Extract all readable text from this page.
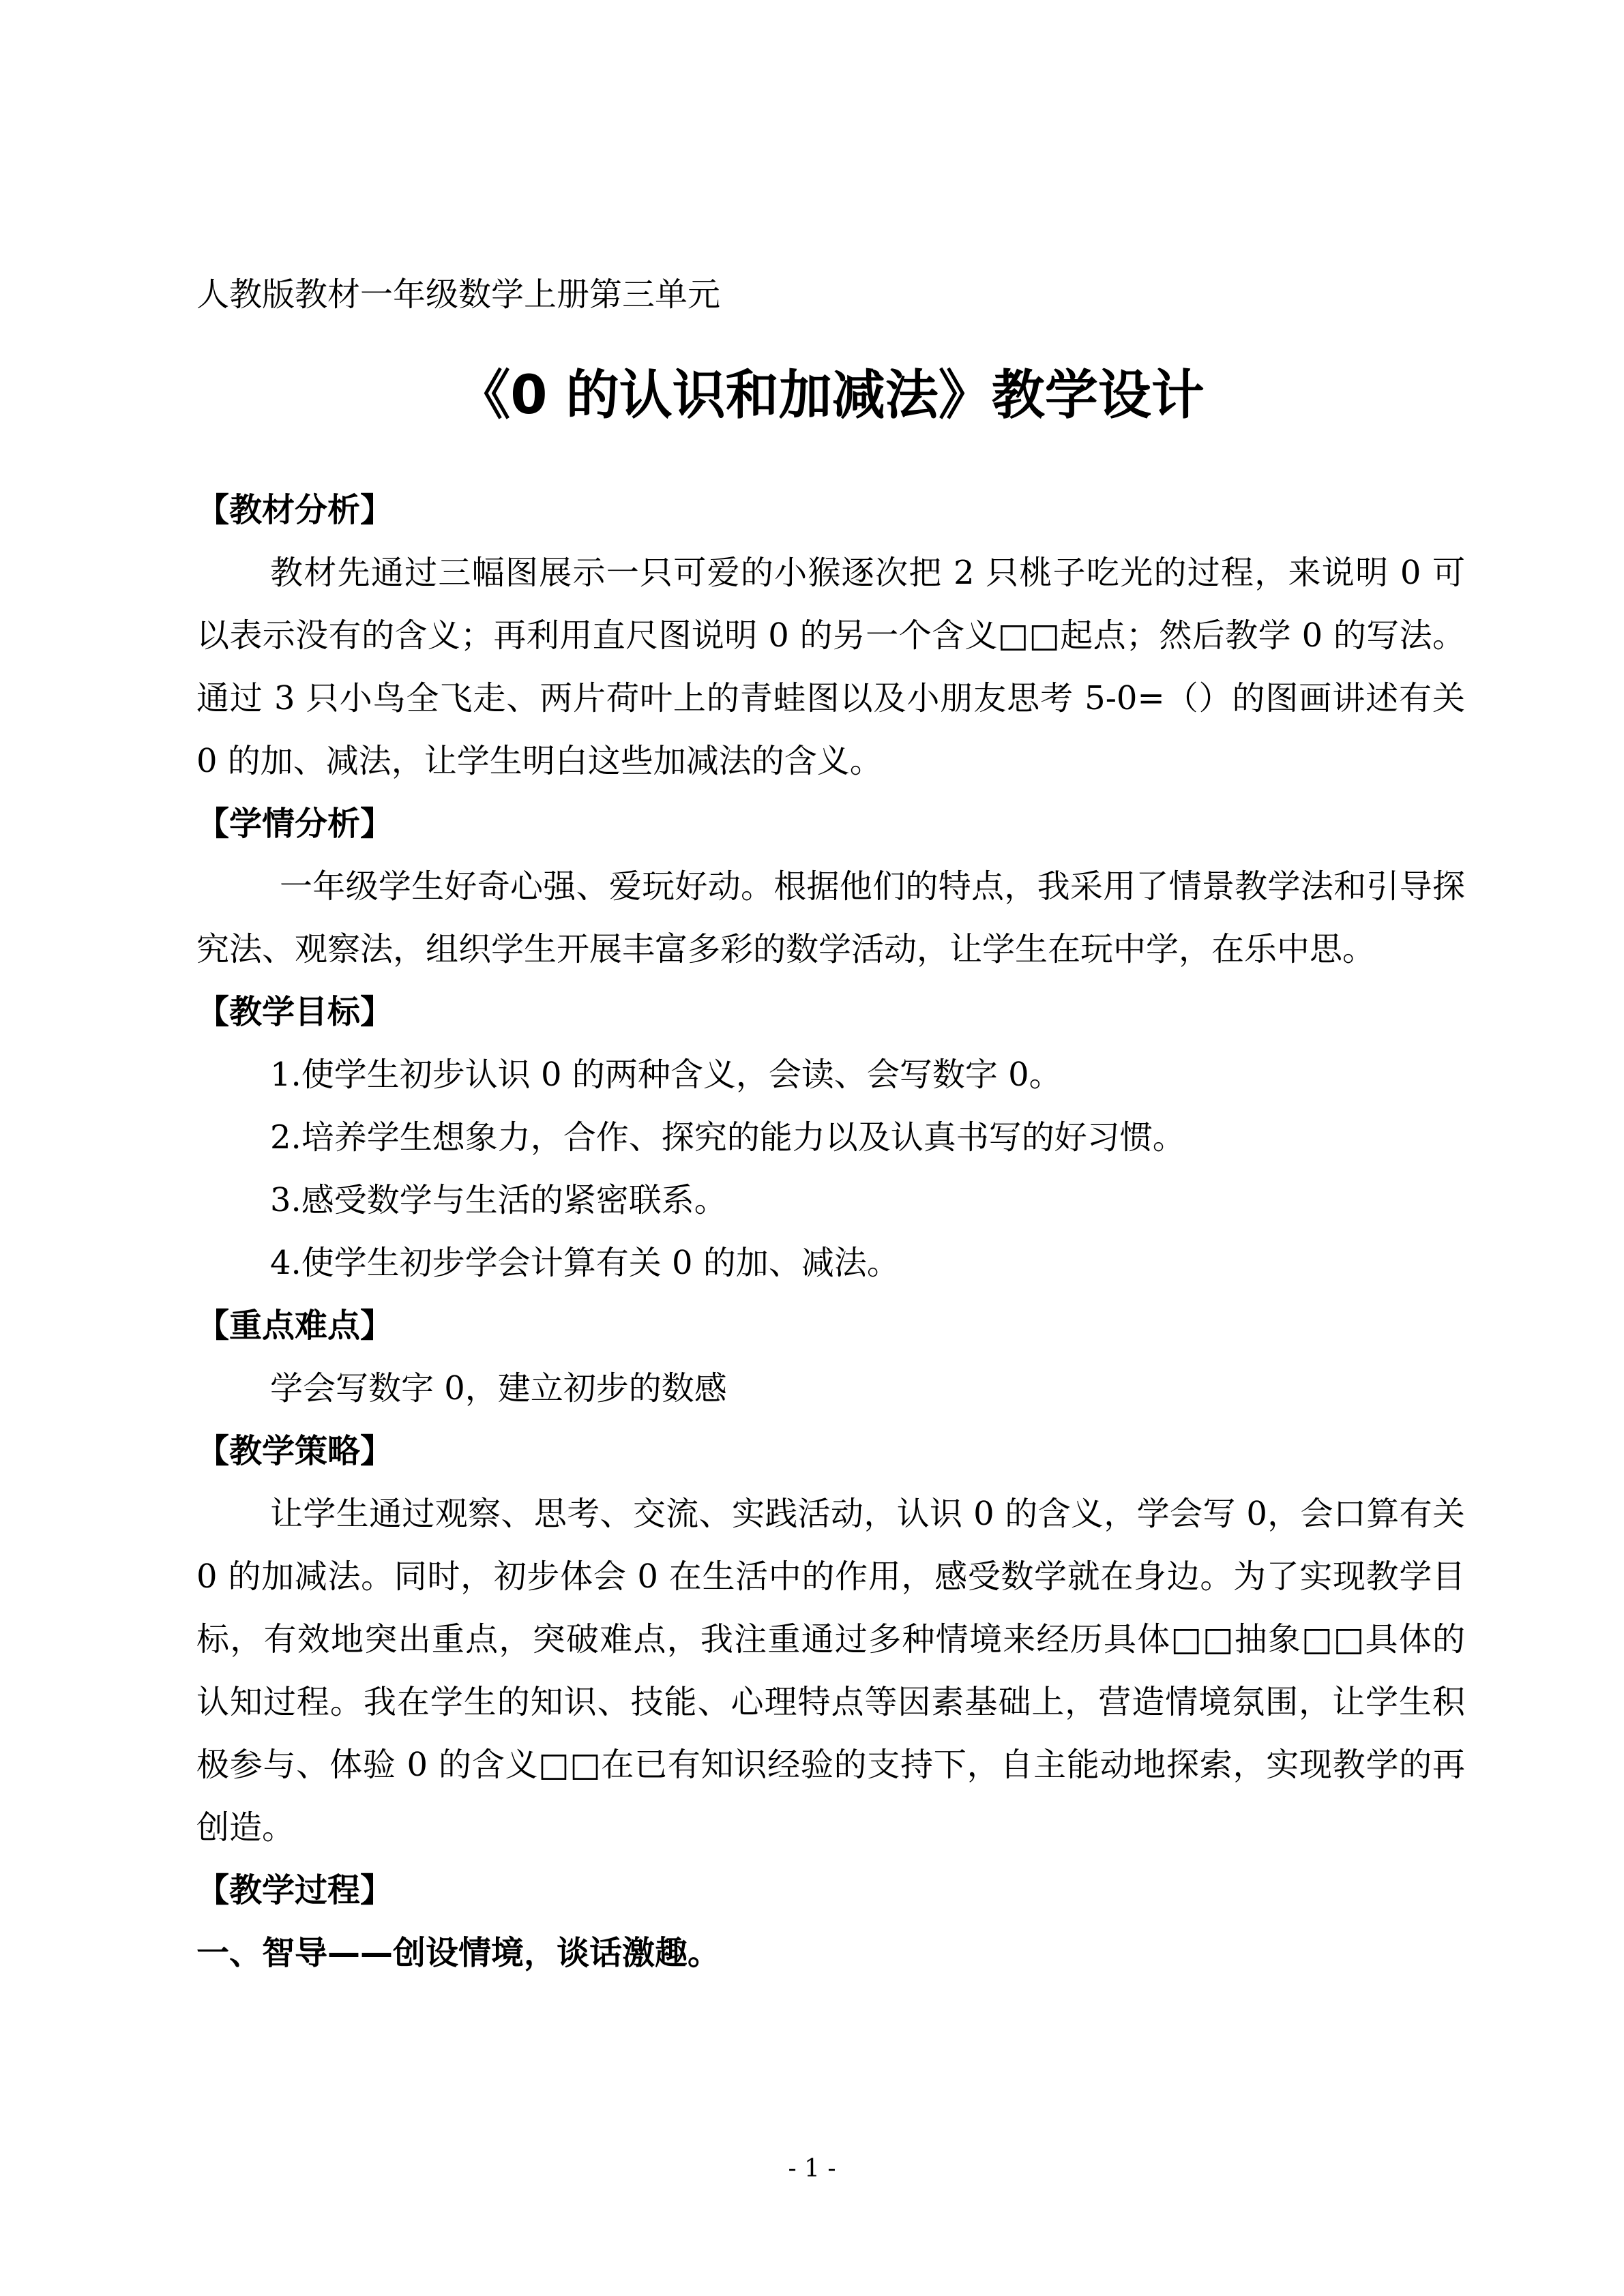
人教版教材一年级数学上册第三单元

《0 的认识和加减法》教学设计

【教材分析】

教材先通过三幅图展示一只可爱的小猴逐次把 2 只桃子吃光的过程，来说明 0 可以表示没有的含义；再利用直尺图说明 0 的另一个含义□□起点；然后教学 0 的写法。通过 3 只小鸟全飞走、两片荷叶上的青蛙图以及小朋友思考 5-0=（）的图画讲述有关 0 的加、减法，让学生明白这些加减法的含义。

【学情分析】

一年级学生好奇心强、爱玩好动。根据他们的特点，我采用了情景教学法和引导探究法、观察法，组织学生开展丰富多彩的数学活动，让学生在玩中学，在乐中思。

【教学目标】

1.使学生初步认识 0 的两种含义，会读、会写数字 0。

2.培养学生想象力，合作、探究的能力以及认真书写的好习惯。

3.感受数学与生活的紧密联系。

4.使学生初步学会计算有关 0 的加、减法。

【重点难点】

学会写数字 0，建立初步的数感

【教学策略】

让学生通过观察、思考、交流、实践活动，认识 0 的含义，学会写 0，会口算有关 0 的加减法。同时，初步体会 0 在生活中的作用，感受数学就在身边。为了实现教学目标，有效地突出重点，突破难点，我注重通过多种情境来经历具体□□抽象□□具体的认知过程。我在学生的知识、技能、心理特点等因素基础上，营造情境氛围，让学生积极参与、体验 0 的含义□□在已有知识经验的支持下，自主能动地探索，实现教学的再创造。

【教学过程】

一、智导——创设情境，谈话激趣。

- 1 -
